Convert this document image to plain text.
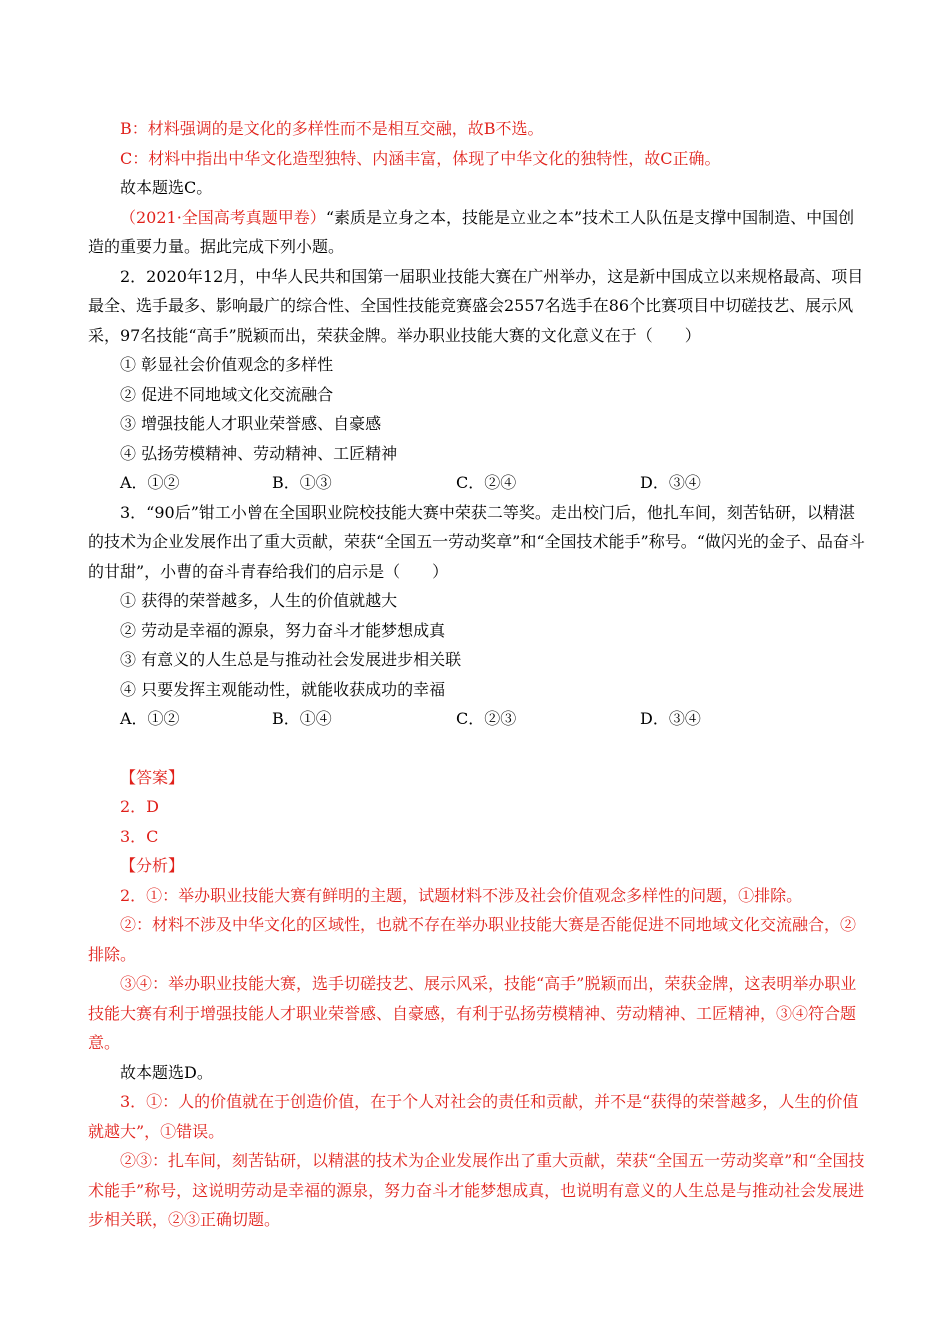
B：材料强调的是文化的多样性而不是相互交融，故B不选。

C：材料中指出中华文化造型独特、内涵丰富，体现了中华文化的独特性，故C正确。

故本题选C。

（2021·全国高考真题甲卷）“素质是立身之本，技能是立业之本”技术工人队伍是支撑中国制造、中国创造的重要力量。据此完成下列小题。

2．2020年12月，中华人民共和国第一届职业技能大赛在广州举办，这是新中国成立以来规格最高、项目最全、选手最多、影响最广的综合性、全国性技能竞赛盛会2557名选手在86个比赛项目中切磋技艺、展示风采，97名技能“高手”脱颖而出，荣获金牌。举办职业技能大赛的文化意义在于（　　）

① 彰显社会价值观念的多样性

② 促进不同地域文化交流融合

③ 增强技能人才职业荣誉感、自豪感

④ 弘扬劳模精神、劳动精神、工匠精神

A．①②	B．①③	C．②④	D．③④

3．“90后”钳工小曾在全国职业院校技能大赛中荣获二等奖。走出校门后，他扎车间，刻苦钻研，以精湛的技术为企业发展作出了重大贡献，荣获“全国五一劳动奖章”和“全国技术能手”称号。“做闪光的金子、品奋斗的甘甜”，小曹的奋斗青春给我们的启示是（　　）

① 获得的荣誉越多，人生的价值就越大

② 劳动是幸福的源泉，努力奋斗才能梦想成真

③ 有意义的人生总是与推动社会发展进步相关联

④ 只要发挥主观能动性，就能收获成功的幸福

A．①②	B．①④	C．②③	D．③④

【答案】

2．D

3．C

【分析】

2．①：举办职业技能大赛有鲜明的主题，试题材料不涉及社会价值观念多样性的问题，①排除。

②：材料不涉及中华文化的区域性，也就不存在举办职业技能大赛是否能促进不同地域文化交流融合，②排除。

③④：举办职业技能大赛，选手切磋技艺、展示风采，技能“高手”脱颖而出，荣获金牌，这表明举办职业技能大赛有利于增强技能人才职业荣誉感、自豪感，有利于弘扬劳模精神、劳动精神、工匠精神，③④符合题意。

故本题选D。

3．①：人的价值就在于创造价值，在于个人对社会的责任和贡献，并不是“获得的荣誉越多，人生的价值就越大”，①错误。

②③：扎车间，刻苦钻研，以精湛的技术为企业发展作出了重大贡献，荣获“全国五一劳动奖章”和“全国技术能手”称号，这说明劳动是幸福的源泉，努力奋斗才能梦想成真，也说明有意义的人生总是与推动社会发展进步相关联，②③正确切题。
